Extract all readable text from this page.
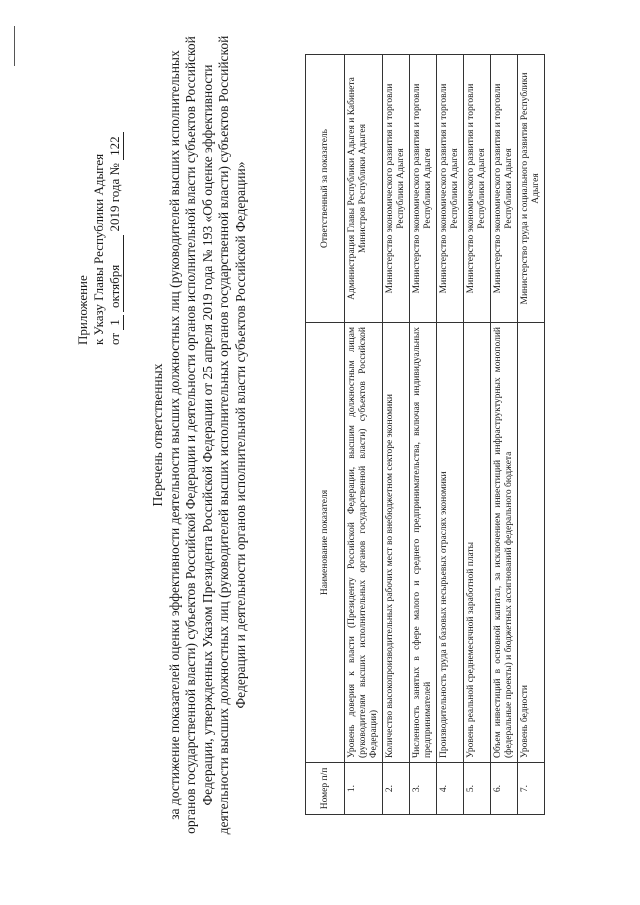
Приложение к Указу Главы Республики Адыгея от 1 октября 2019 года № 122
Перечень ответственных за достижение показателей оценки эффективности деятельности высших должностных лиц (руководителей высших исполнительных органов государственной власти) субъектов Российской Федерации и деятельности органов исполнительной власти субъектов Российской Федерации, утвержденных Указом Президента Российской Федерации от 25 апреля 2019 года № 193 «Об оценке эффективности деятельности высших должностных лиц (руководителей высших исполнительных органов государственной власти) субъектов Российской Федерации и деятельности органов исполнительной власти субъектов Российской Федерации»
Номер п/п	Наименование показателя	Ответственный за показатель
1.	Уровень доверия к власти (Президенту Российской Федерации, высшим должностным лицам (руководителям высших исполнительных органов государственной власти) субъектов Российской Федерации)	Администрация Главы Республики Адыгея и Кабинета Министров Республики Адыгея
2.	Количество высокопроизводительных рабочих мест во внебюджетном секторе экономики	Министерство экономического развития и торговли Республики Адыгея
3.	Численность занятых в сфере малого и среднего предпринимательства, включая индивидуальных предпринимателей	Министерство экономического развития и торговли Республики Адыгея
4.	Производительность труда в базовых несырьевых отраслях экономики	Министерство экономического развития и торговли Республики Адыгея
5.	Уровень реальной среднемесячной заработной платы	Министерство экономического развития и торговли Республики Адыгея
6.	Объем инвестиций в основной капитал, за исключением инвестиций инфраструктурных монополий (федеральные проекты) и бюджетных ассигнований федерального бюджета	Министерство экономического развития и торговли Республики Адыгея
7.	Уровень бедности	Министерство труда и социального развития Республики Адыгея
